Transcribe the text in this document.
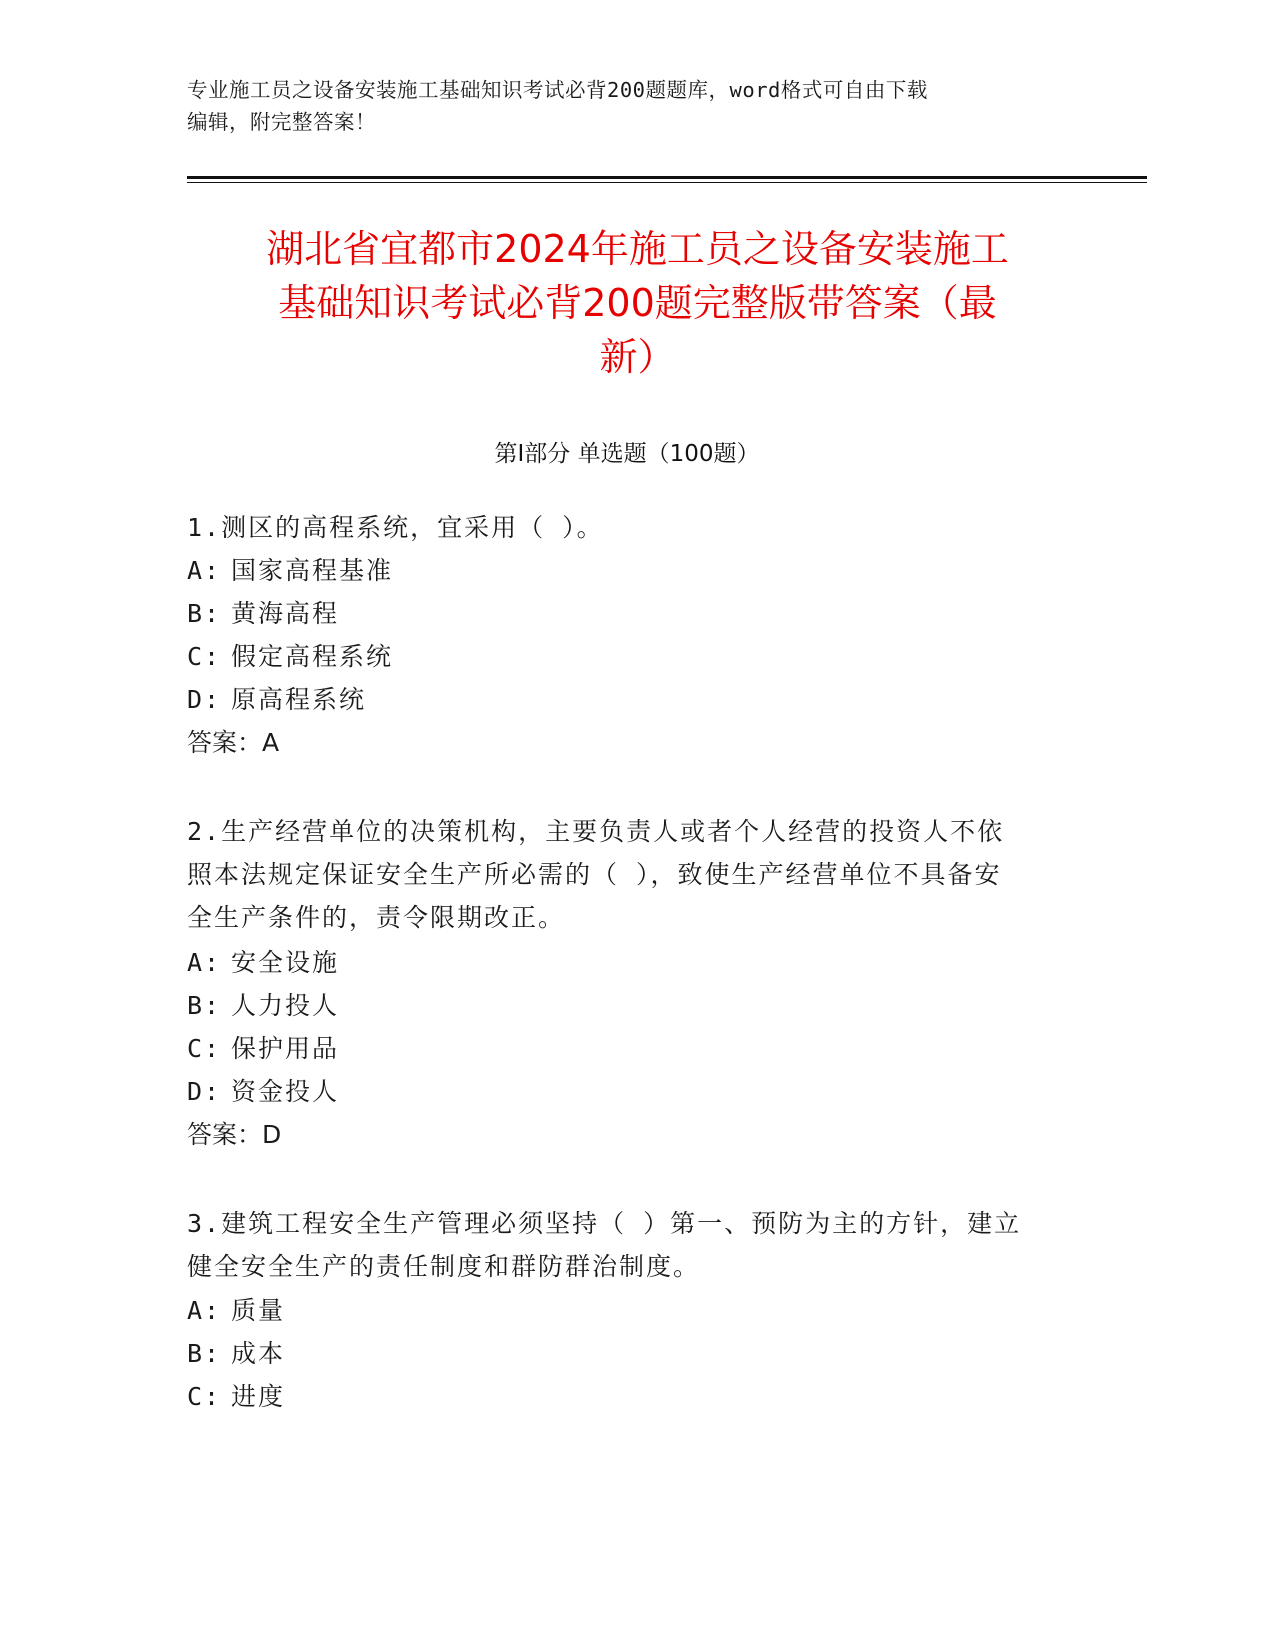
专业施工员之设备安装施工基础知识考试必背200题题库，word格式可自由下载
编辑，附完整答案！
湖北省宜都市2024年施工员之设备安装施工
基础知识考试必背200题完整版带答案（最
新）
第Ⅰ部分 单选题（100题）

1.测区的高程系统，宜采用（ ）。

A: 国家高程基准

B: 黄海高程

C: 假定高程系统

D: 原高程系统

答案：A

2.生产经营单位的决策机构，主要负责人或者个人经营的投资人不依

照本法规定保证安全生产所必需的（ ），致使生产经营单位不具备安

全生产条件的，责令限期改正。

A: 安全设施

B: 人力投人

C: 保护用品

D: 资金投人

答案：D

3.建筑工程安全生产管理必须坚持（ ）第一、预防为主的方针，建立

健全安全生产的责任制度和群防群治制度。

A: 质量

B: 成本

C: 进度
